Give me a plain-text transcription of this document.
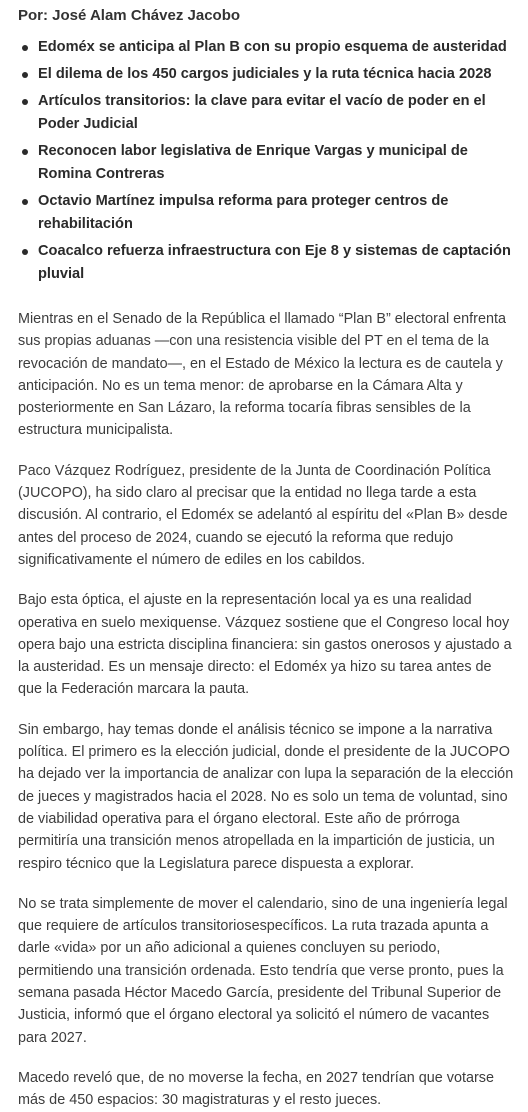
Por: José Alam Chávez Jacobo

Edoméx se anticipa al Plan B con su propio esquema de austeridad
El dilema de los 450 cargos judiciales y la ruta técnica hacia 2028
Artículos transitorios: la clave para evitar el vacío de poder en el Poder Judicial
Reconocen labor legislativa de Enrique Vargas y municipal de Romina Contreras
Octavio Martínez impulsa reforma para proteger centros de rehabilitación
Coacalco refuerza infraestructura con Eje 8 y sistemas de captación pluvial

Mientras en el Senado de la República el llamado “Plan B” electoral enfrenta sus propias aduanas —con una resistencia visible del PT en el tema de la revocación de mandato—, en el Estado de México la lectura es de cautela y anticipación. No es un tema menor: de aprobarse en la Cámara Alta y posteriormente en San Lázaro, la reforma tocaría fibras sensibles de la estructura municipalista.

Paco Vázquez Rodríguez, presidente de la Junta de Coordinación Política (JUCOPO), ha sido claro al precisar que la entidad no llega tarde a esta discusión. Al contrario, el Edoméx se adelantó al espíritu del «Plan B» desde antes del proceso de 2024, cuando se ejecutó la reforma que redujo significativamente el número de ediles en los cabildos.

Bajo esta óptica, el ajuste en la representación local ya es una realidad operativa en suelo mexiquense. Vázquez sostiene que el Congreso local hoy opera bajo una estricta disciplina financiera: sin gastos onerosos y ajustado a la austeridad. Es un mensaje directo: el Edoméx ya hizo su tarea antes de que la Federación marcara la pauta.

Sin embargo, hay temas donde el análisis técnico se impone a la narrativa política. El primero es la elección judicial, donde el presidente de la JUCOPO ha dejado ver la importancia de analizar con lupa la separación de la elección de jueces y magistrados hacia el 2028. No es solo un tema de voluntad, sino de viabilidad operativa para el órgano electoral. Este año de prórroga permitiría una transición menos atropellada en la impartición de justicia, un respiro técnico que la Legislatura parece dispuesta a explorar.

No se trata simplemente de mover el calendario, sino de una ingeniería legal que requiere de artículos transitoriosespecíficos. La ruta trazada apunta a darle «vida» por un año adicional a quienes concluyen su periodo, permitiendo una transición ordenada. Esto tendría que verse pronto, pues la semana pasada Héctor Macedo García, presidente del Tribunal Superior de Justicia, informó que el órgano electoral ya solicitó el número de vacantes para 2027.

Macedo reveló que, de no moverse la fecha, en 2027 tendrían que votarse más de 450 espacios: 30 magistraturas y el resto jueces.
